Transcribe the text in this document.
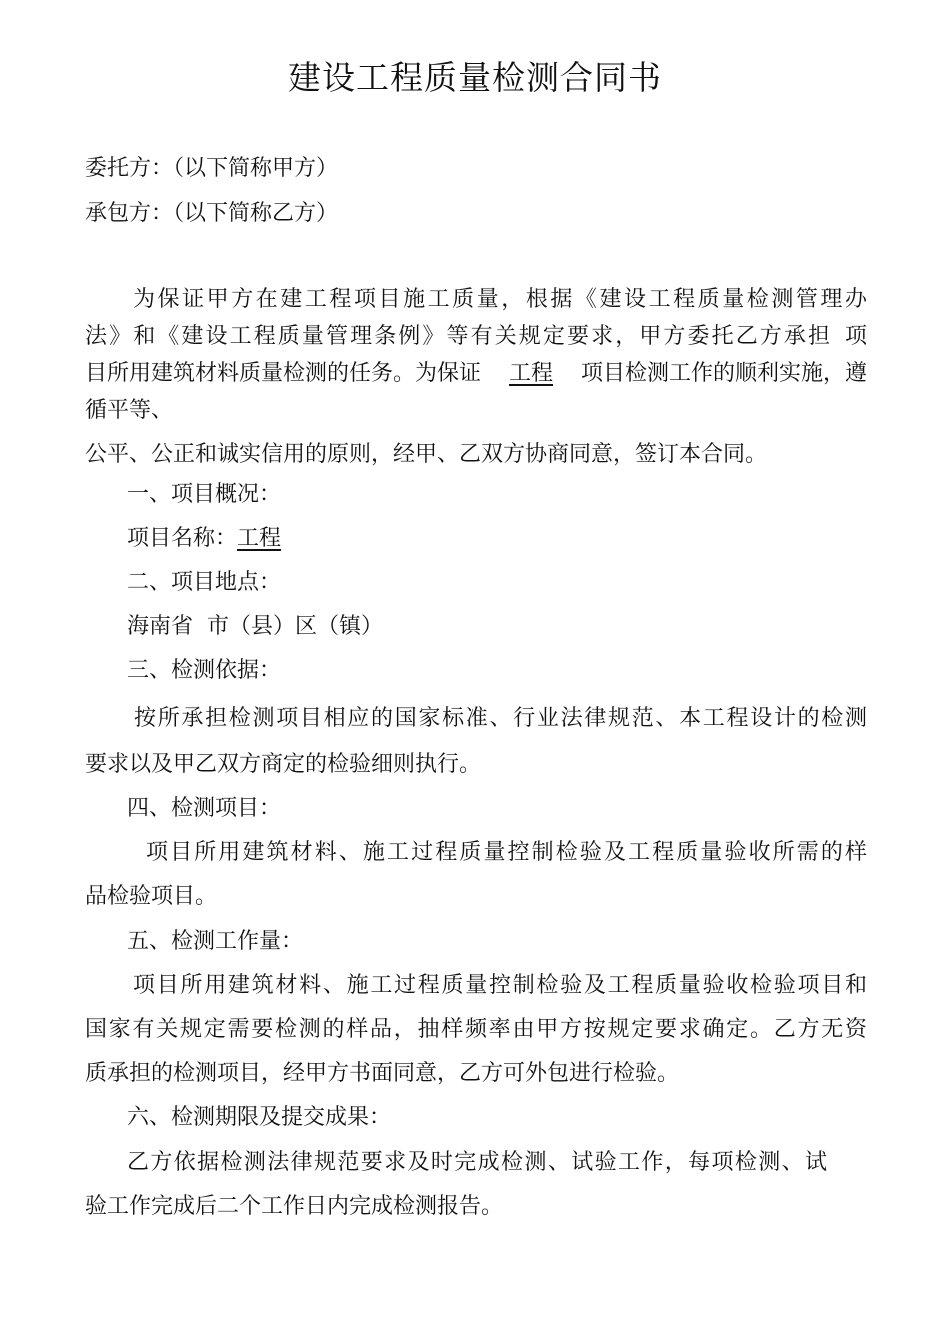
建设工程质量检测合同书
委托方：（以下简称甲方）
承包方：（以下简称乙方）
为保证甲方在建工程项目施工质量，根据《建设工程质量检测管理办
法》和《建设工程质量管理条例》等有关规定要求，甲方委托乙方承担 项
目所用建筑材料质量检测的任务。为保证 工程 项目检测工作的顺利实施，遵
循平等、
公平、公正和诚实信用的原则，经甲、乙双方协商同意，签订本合同。
一、项目概况：
项目名称：工程
二、项目地点：
海南省  市（县）区（镇）
三、检测依据：
按所承担检测项目相应的国家标准、行业法律规范、本工程设计的检测
要求以及甲乙双方商定的检验细则执行。
四、检测项目：
项目所用建筑材料、施工过程质量控制检验及工程质量验收所需的样
品检验项目。
五、检测工作量：
项目所用建筑材料、施工过程质量控制检验及工程质量验收检验项目和
国家有关规定需要检测的样品，抽样频率由甲方按规定要求确定。乙方无资
质承担的检测项目，经甲方书面同意，乙方可外包进行检验。
六、检测期限及提交成果：
乙方依据检测法律规范要求及时完成检测、试验工作，每项检测、试
验工作完成后二个工作日内完成检测报告。
